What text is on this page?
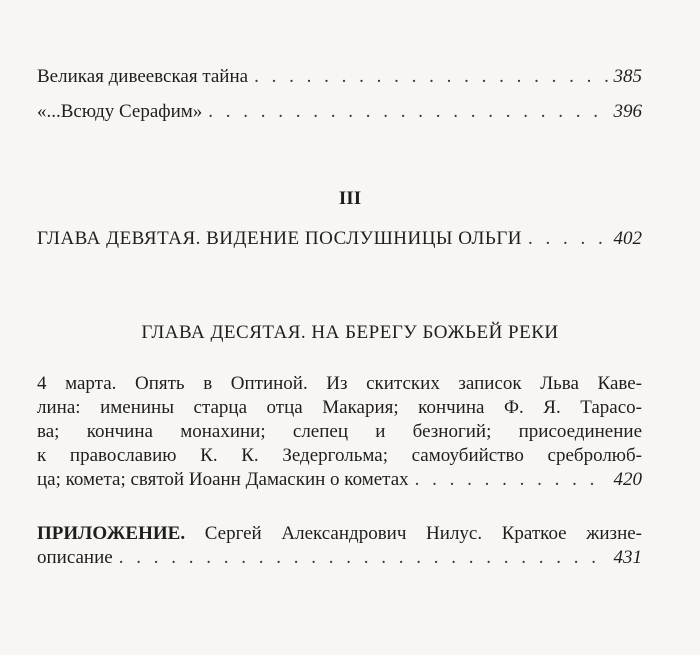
Великая дивеевская тайна . . .	385
«...Всюду Серафим» . . .	396
III
ГЛАВА ДЕВЯТАЯ. ВИДЕНИЕ ПОСЛУШНИЦЫ ОЛЬГИ . . .	402
ГЛАВА ДЕСЯТАЯ. НА БЕРЕГУ БОЖЬЕЙ РЕКИ
4 марта. Опять в Оптиной. Из скитских записок Льва Каве-
лина: именины старца отца Макария; кончина Ф. Я. Тарасо-
ва; кончина монахини; слепец и безногий; присоединение
к православию К. К. Зедергольма; самоубийство сребролюб-
ца; комета; святой Иоанн Дамаскин о кометах . . .	420
ПРИЛОЖЕНИЕ. Сергей Александрович Нилус. Краткое жизне-
описание . . .	431
